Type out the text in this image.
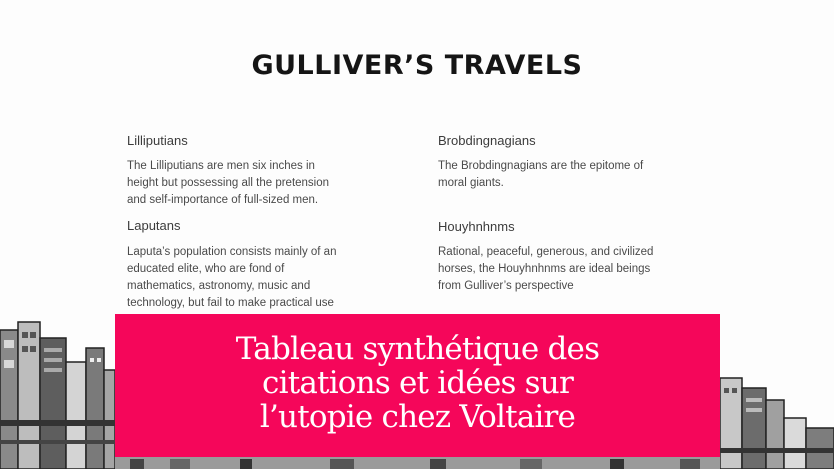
GULLIVER’S TRAVELS
Lilliputians
The Lilliputians are men six inches in
height but possessing all the pretension
and self-importance of full-sized men.
Laputans
Laputa’s population consists mainly of an
educated elite, who are fond of
mathematics, astronomy, music and
technology, but fail to make practical use
Brobdingnagians
The Brobdingnagians are the epitome of
moral giants.
Houyhnhnms
Rational, peaceful, generous, and civilized
horses, the Houyhnhnms are ideal beings
from Gulliver’s perspective
Tableau synthétique des
citations et idées sur
l’utopie chez Voltaire
